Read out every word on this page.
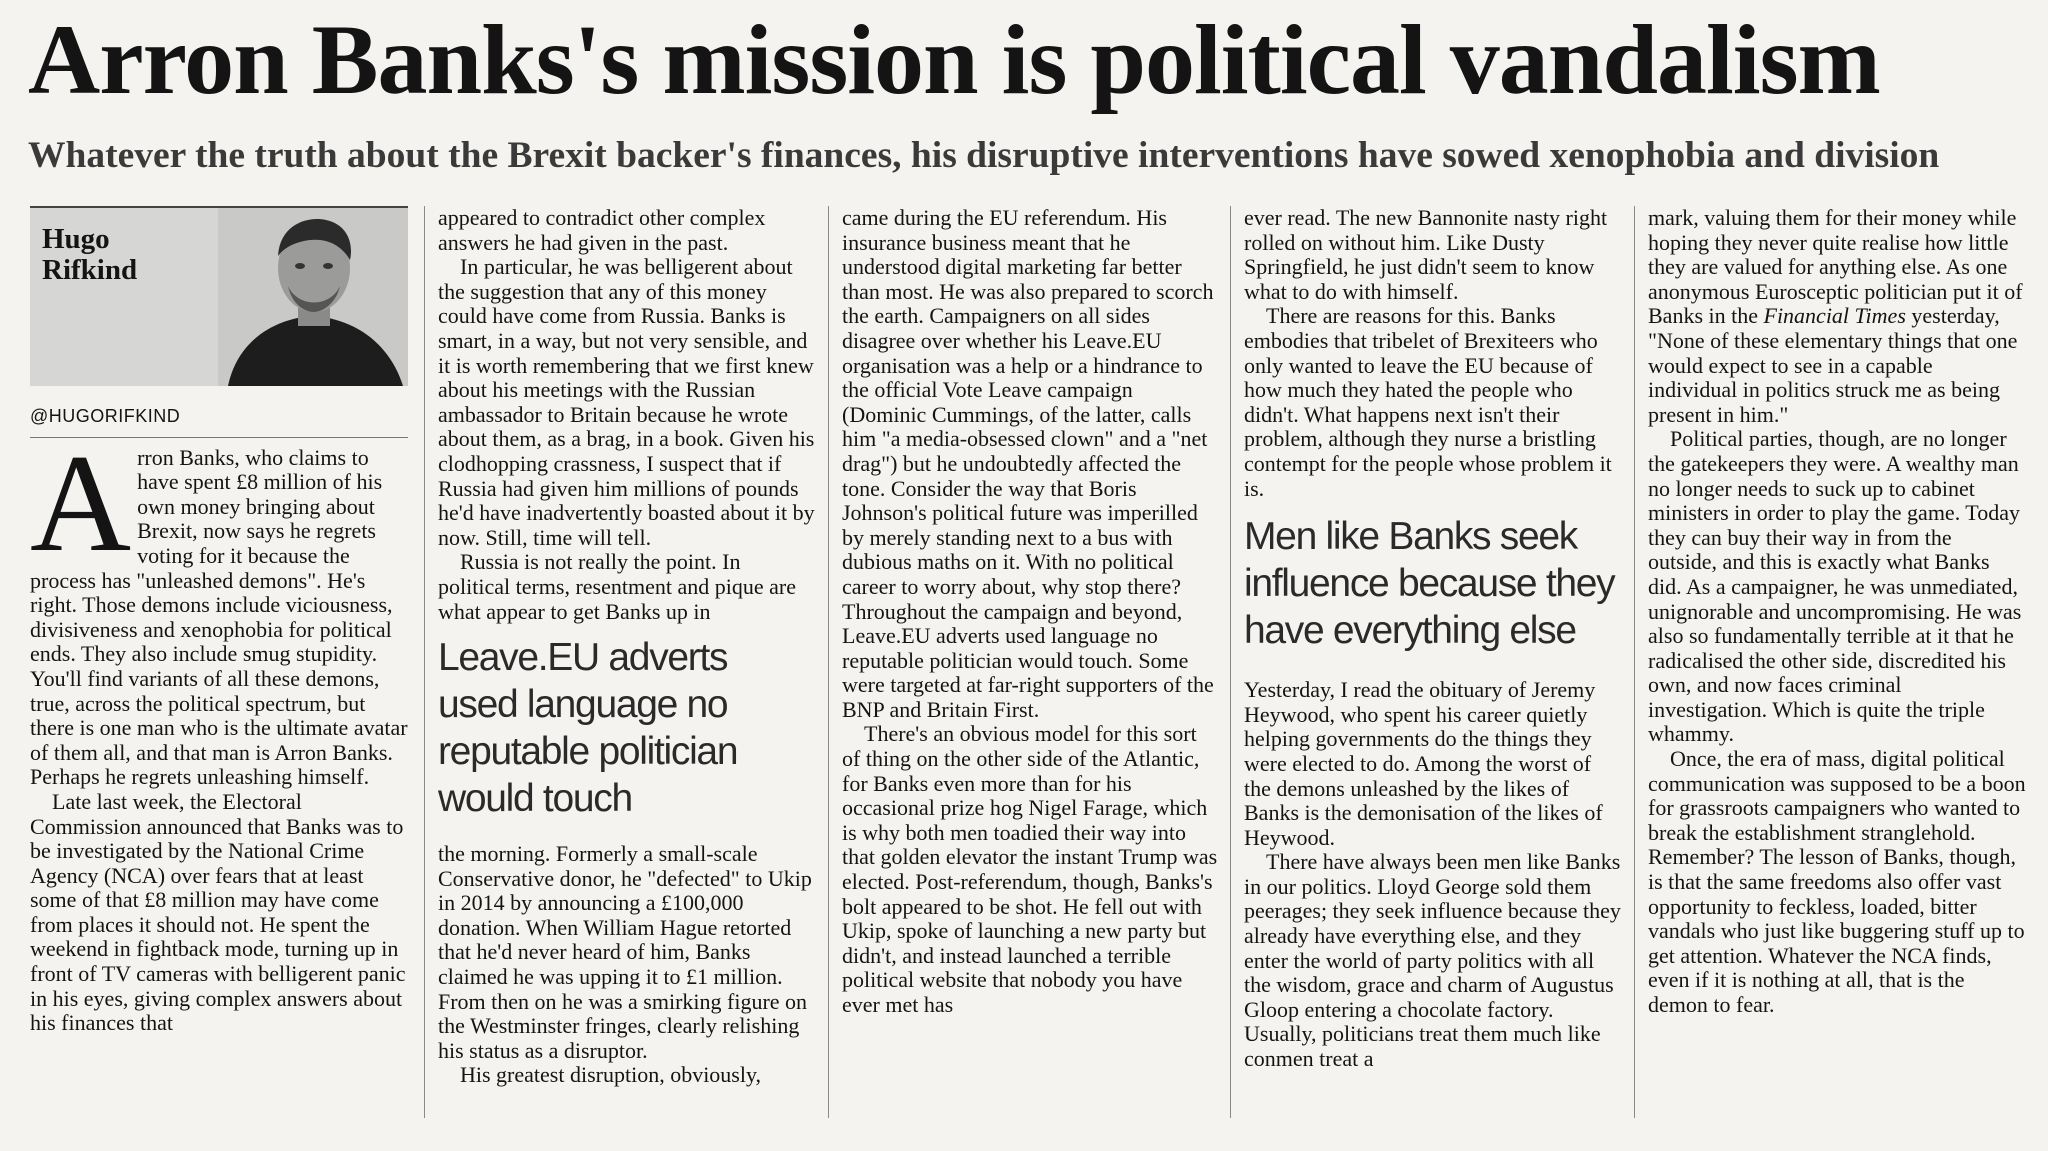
Arron Banks's mission is political vandalism
Whatever the truth about the Brexit backer's finances, his disruptive interventions have sowed xenophobia and division
Hugo Rifkind
@HUGORIFKIND

Arron Banks, who claims to have spent £8 million of his own money bringing about Brexit, now says he regrets voting for it because the process has "unleashed demons". He's right. Those demons include viciousness, divisiveness and xenophobia for political ends. They also include smug stupidity. You'll find variants of all these demons, true, across the political spectrum, but there is one man who is the ultimate avatar of them all, and that man is Arron Banks. Perhaps he regrets unleashing himself.

Late last week, the Electoral Commission announced that Banks was to be investigated by the National Crime Agency (NCA) over fears that at least some of that £8 million may have come from places it should not. He spent the weekend in fightback mode, turning up in front of TV cameras with belligerent panic in his eyes, giving complex answers about his finances that

appeared to contradict other complex answers he had given in the past.

In particular, he was belligerent about the suggestion that any of this money could have come from Russia. Banks is smart, in a way, but not very sensible, and it is worth remembering that we first knew about his meetings with the Russian ambassador to Britain because he wrote about them, as a brag, in a book. Given his clodhopping crassness, I suspect that if Russia had given him millions of pounds he'd have inadvertently boasted about it by now. Still, time will tell.

Russia is not really the point. In political terms, resentment and pique are what appear to get Banks up in

Leave.EU adverts used language no reputable politician would touch

the morning. Formerly a small-scale Conservative donor, he "defected" to Ukip in 2014 by announcing a £100,000 donation. When William Hague retorted that he'd never heard of him, Banks claimed he was upping it to £1 million. From then on he was a smirking figure on the Westminster fringes, clearly relishing his status as a disruptor.

His greatest disruption, obviously,

came during the EU referendum. His insurance business meant that he understood digital marketing far better than most. He was also prepared to scorch the earth. Campaigners on all sides disagree over whether his Leave.EU organisation was a help or a hindrance to the official Vote Leave campaign (Dominic Cummings, of the latter, calls him "a media-obsessed clown" and a "net drag") but he undoubtedly affected the tone. Consider the way that Boris Johnson's political future was imperilled by merely standing next to a bus with dubious maths on it. With no political career to worry about, why stop there? Throughout the campaign and beyond, Leave.EU adverts used language no reputable politician would touch. Some were targeted at far-right supporters of the BNP and Britain First.

There's an obvious model for this sort of thing on the other side of the Atlantic, for Banks even more than for his occasional prize hog Nigel Farage, which is why both men toadied their way into that golden elevator the instant Trump was elected. Post-referendum, though, Banks's bolt appeared to be shot. He fell out with Ukip, spoke of launching a new party but didn't, and instead launched a terrible political website that nobody you have ever met has

ever read. The new Bannonite nasty right rolled on without him. Like Dusty Springfield, he just didn't seem to know what to do with himself.

There are reasons for this. Banks embodies that tribelet of Brexiteers who only wanted to leave the EU because of how much they hated the people who didn't. What happens next isn't their problem, although they nurse a bristling contempt for the people whose problem it is.

Men like Banks seek influence because they have everything else

Yesterday, I read the obituary of Jeremy Heywood, who spent his career quietly helping governments do the things they were elected to do. Among the worst of the demons unleashed by the likes of Banks is the demonisation of the likes of Heywood.

There have always been men like Banks in our politics. Lloyd George sold them peerages; they seek influence because they already have everything else, and they enter the world of party politics with all the wisdom, grace and charm of Augustus Gloop entering a chocolate factory. Usually, politicians treat them much like conmen treat a

mark, valuing them for their money while hoping they never quite realise how little they are valued for anything else. As one anonymous Eurosceptic politician put it of Banks in the Financial Times yesterday, "None of these elementary things that one would expect to see in a capable individual in politics struck me as being present in him."

Political parties, though, are no longer the gatekeepers they were. A wealthy man no longer needs to suck up to cabinet ministers in order to play the game. Today they can buy their way in from the outside, and this is exactly what Banks did. As a campaigner, he was unmediated, unignorable and uncompromising. He was also so fundamentally terrible at it that he radicalised the other side, discredited his own, and now faces criminal investigation. Which is quite the triple whammy.

Once, the era of mass, digital political communication was supposed to be a boon for grassroots campaigners who wanted to break the establishment stranglehold. Remember? The lesson of Banks, though, is that the same freedoms also offer vast opportunity to feckless, loaded, bitter vandals who just like buggering stuff up to get attention. Whatever the NCA finds, even if it is nothing at all, that is the demon to fear.
